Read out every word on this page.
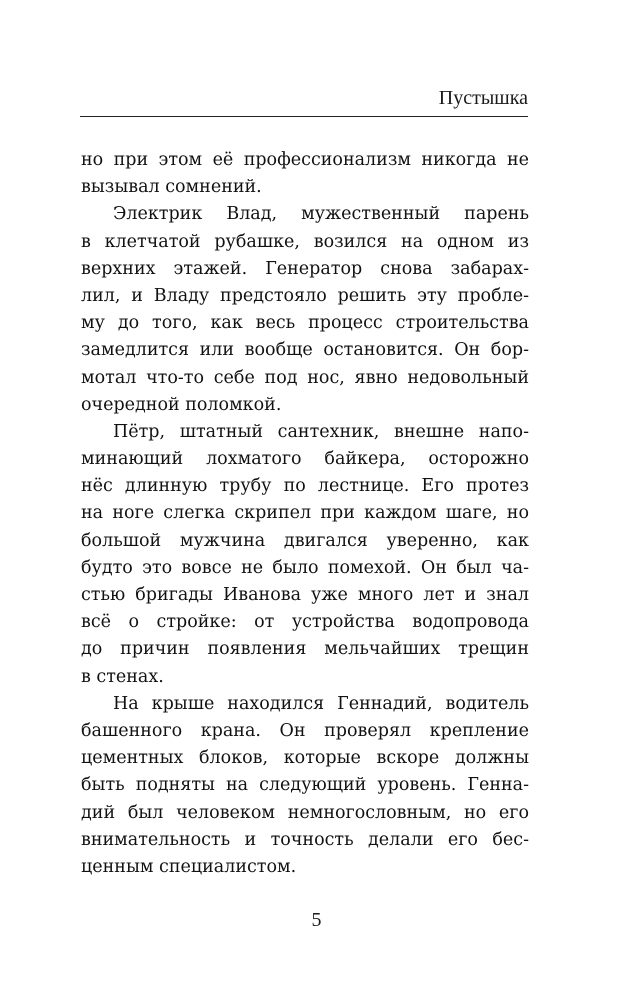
Пустышка
но при этом её профессионализм никогда не
вызывал сомнений.
Электрик Влад, мужественный парень
в клетчатой рубашке, возился на одном из
верхних этажей. Генератор снова забарах-
лил, и Владу предстояло решить эту пробле-
му до того, как весь процесс строительства
замедлится или вообще остановится. Он бор-
мотал что-то себе под нос, явно недовольный
очередной поломкой.
Пётр, штатный сантехник, внешне напо-
минающий лохматого байкера, осторожно
нёс длинную трубу по лестнице. Его протез
на ноге слегка скрипел при каждом шаге, но
большой мужчина двигался уверенно, как
будто это вовсе не было помехой. Он был ча-
стью бригады Иванова уже много лет и знал
всё о стройке: от устройства водопровода
до причин появления мельчайших трещин
в стенах.
На крыше находился Геннадий, водитель
башенного крана. Он проверял крепление
цементных блоков, которые вскоре должны
быть подняты на следующий уровень. Генна-
дий был человеком немногословным, но его
внимательность и точность делали его бес-
ценным специалистом.
5
